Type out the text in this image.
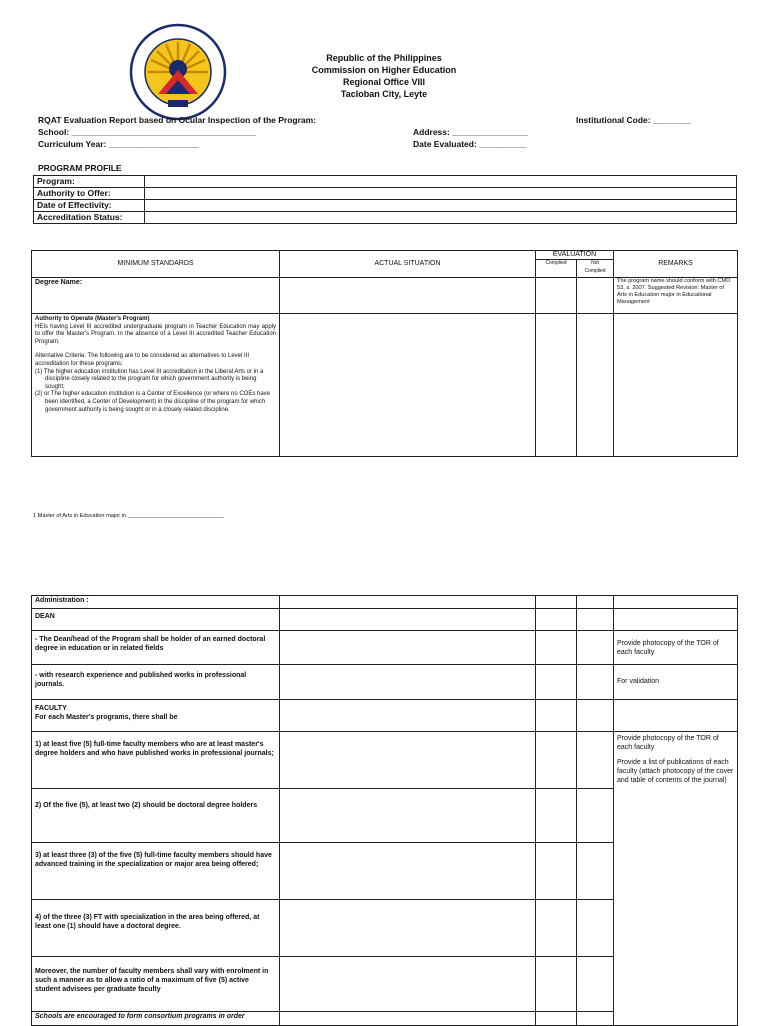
Republic of the Philippines
Commission on Higher Education
Regional Office VIII
Tacloban City, Leyte
RQAT Evaluation Report based on Ocular Inspection of the Program:	Institutional Code: ________
School: _______________________________________	Address: ________________
Curriculum Year: ___________________	Date Evaluated: __________
PROGRAM PROFILE
Program:	
Authority to Offer:	
Date of Effectivity:	
Accreditation Status:	
MINIMUM STANDARDS	ACTUAL SITUATION	EVALUATION		REMARKS
		Complied	Not Complied	
Degree Name:				The program name should conform with CMO 53, s. 2007. Suggested Revision: Master of Arts in Education major in Educational Management

Authority to Operate (Master's Program)
HEIs having Level III accredited undergraduate program in Teacher Education may apply to offer the Master's Program. In the absence of a Level III accredited Teacher Education Program.
Alternative Criteria: The following are to be considered as alternatives to Level III accreditation for these programs:
(1) The higher education institution has Level III accreditation in the Liberal Arts or in a discipline closely related to the program for which government authority is being sought;
(2) or The higher education institution is a Center of Excellence (or where no COEs have been identified, a Center of Development) in the discipline of the program for which government authority is being sought or in a closely related discipline.				

1 Master of Arts in Education major in _______________________________
Administration :				
DEAN				
- The Dean/head of the Program shall be holder of an earned doctoral degree in education or in related fields				Provide photocopy of the TOR of each faculty
- with research experience and published works in professional journals.				For validation

FACULTY
For each Master's programs, there shall be				

1) at least five (5) full-time faculty members who are at least master's degree holders and who have published works in professional journals;				Provide photocopy of the TOR of each faculty
Provide a list of publications of each faculty (attach photocopy of the cover and table of contents of the journal)

2) Of the five (5), at least two (2) should be doctoral degree holders				
3) at least three (3) of the five (5) full-time faculty members should have advanced training in the specialization or major area being offered;				
4) of the three (3) FT with specialization in the area being offered, at least one (1) should have a doctoral degree.				
Moreover, the number of faculty members shall vary with enrolment in such a manner as to allow a ratio of a maximum of five (5) active student advisees per graduate faculty				
Schools are encouraged to form consortium programs in order				
